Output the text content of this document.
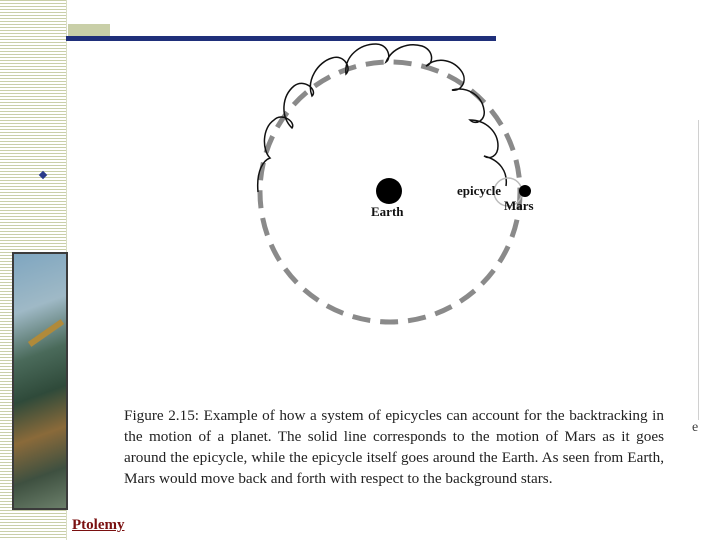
Earth
epicycle
Mars
Figure 2.15: Example of how a system of epicycles can account for the backtracking in the motion of a planet. The solid line corresponds to the motion of Mars as it goes around the epicycle, while the epicycle itself goes around the Earth. As seen from Earth, Mars would move back and forth with respect to the background stars.
e
Ptolemy
